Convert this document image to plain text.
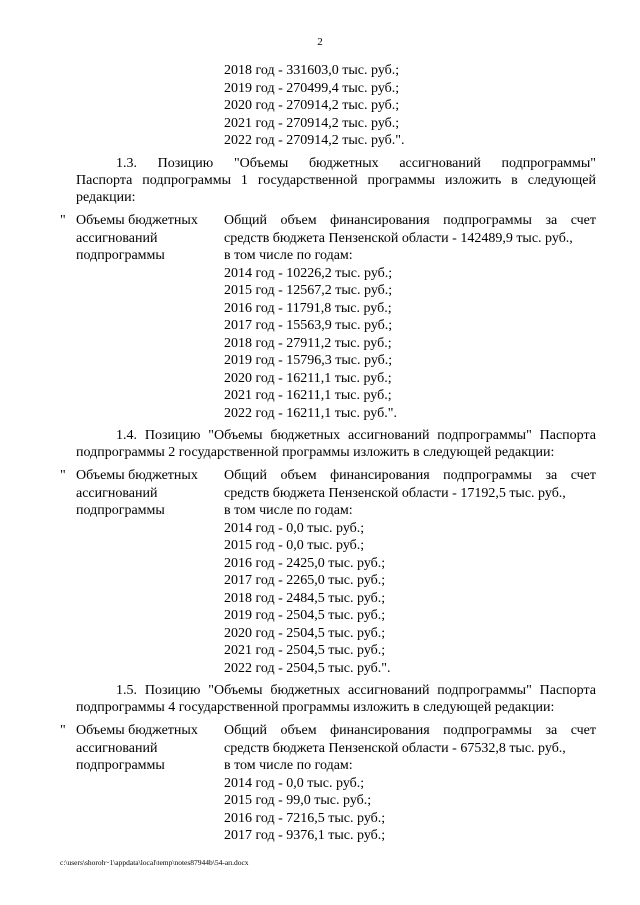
2
2018 год - 331603,0 тыс. руб.;
2019 год - 270499,4 тыс. руб.;
2020 год - 270914,2 тыс. руб.;
2021 год - 270914,2 тыс. руб.;
2022 год - 270914,2 тыс. руб.".
1.3. Позицию "Объемы бюджетных ассигнований подпрограммы"
Паспорта подпрограммы 1 государственной программы изложить в следующей
редакции:
" Объемы бюджетных
ассигнований
подпрограммы
Общий объем финансирования подпрограммы за счет
средств бюджета Пензенской области - 142489,9 тыс. руб.,
в том числе по годам:
2014 год - 10226,2 тыс. руб.;
2015 год - 12567,2 тыс. руб.;
2016 год - 11791,8 тыс. руб.;
2017 год - 15563,9 тыс. руб.;
2018 год - 27911,2 тыс. руб.;
2019 год - 15796,3 тыс. руб.;
2020 год - 16211,1 тыс. руб.;
2021 год - 16211,1 тыс. руб.;
2022 год - 16211,1 тыс. руб.".
1.4. Позицию "Объемы бюджетных ассигнований подпрограммы" Паспорта
подпрограммы 2 государственной программы изложить в следующей редакции:
" Объемы бюджетных
ассигнований
подпрограммы
Общий объем финансирования подпрограммы за счет
средств бюджета Пензенской области - 17192,5 тыс. руб.,
в том числе по годам:
2014 год - 0,0 тыс. руб.;
2015 год - 0,0 тыс. руб.;
2016 год - 2425,0 тыс. руб.;
2017 год - 2265,0 тыс. руб.;
2018 год - 2484,5 тыс. руб.;
2019 год - 2504,5 тыс. руб.;
2020 год - 2504,5 тыс. руб.;
2021 год - 2504,5 тыс. руб.;
2022 год - 2504,5 тыс. руб.".
1.5. Позицию "Объемы бюджетных ассигнований подпрограммы" Паспорта
подпрограммы 4 государственной программы изложить в следующей редакции:
" Объемы бюджетных
ассигнований
подпрограммы
Общий объем финансирования подпрограммы за счет
средств бюджета Пензенской области - 67532,8 тыс. руб.,
в том числе по годам:
2014 год - 0,0 тыс. руб.;
2015 год - 99,0 тыс. руб.;
2016 год - 7216,5 тыс. руб.;
2017 год - 9376,1 тыс. руб.;
c:\users\shoroh~1\appdata\local\temp\notes87944b\54-ап.docx
